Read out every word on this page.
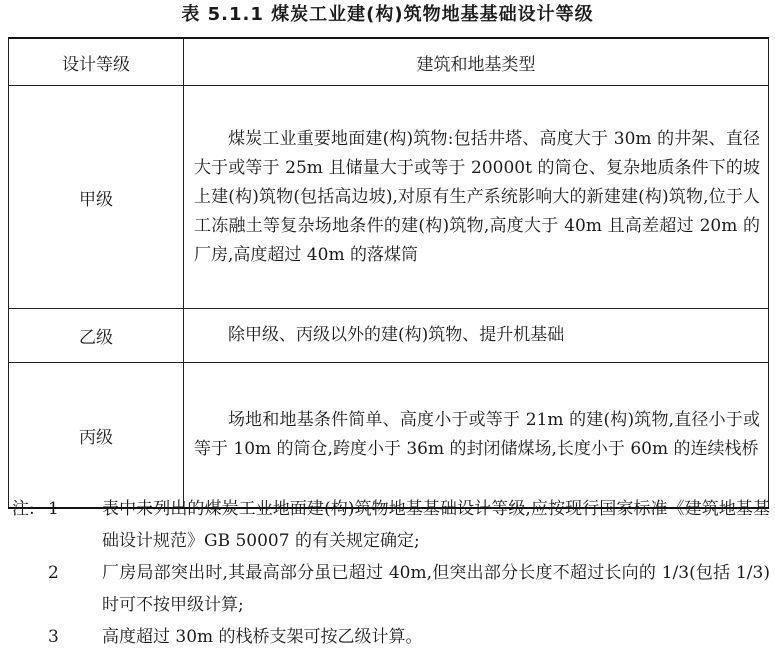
表 5.1.1 煤炭工业建(构)筑物地基基础设计等级
设计等级	建筑和地基类型
甲级	煤炭工业重要地面建(构)筑物:包括井塔、高度大于 30m 的井架、直径大于或等于 25m 且储量大于或等于 20000t 的筒仓、复杂地质条件下的坡上建(构)筑物(包括高边坡),对原有生产系统影响大的新建建(构)筑物,位于人工冻融土等复杂场地条件的建(构)筑物,高度大于 40m 且高差超过 20m 的厂房,高度超过 40m 的落煤筒
乙级	除甲级、丙级以外的建(构)筑物、提升机基础
丙级	场地和地基条件简单、高度小于或等于 21m 的建(构)筑物,直径小于或等于 10m 的筒仓,跨度小于 36m 的封闭储煤场,长度小于 60m 的连续栈桥
注: 1	表中未列出的煤炭工业地面建(构)筑物地基基础设计等级,应按现行国家标准《建筑地基基础设计规范》GB 50007 的有关规定确定;
2	厂房局部突出时,其最高部分虽已超过 40m,但突出部分长度不超过长向的 1/3(包括 1/3)时可不按甲级计算;
3	高度超过 30m 的栈桥支架可按乙级计算。
